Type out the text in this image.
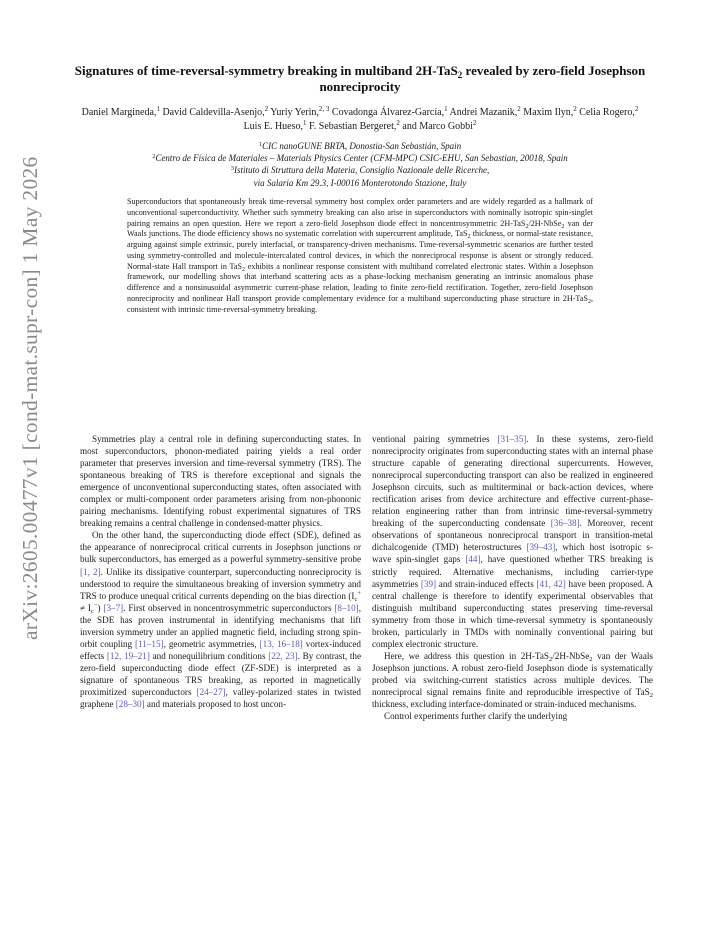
arXiv:2605.00477v1 [cond-mat.supr-con] 1 May 2026
Signatures of time-reversal-symmetry breaking in multiband 2H-TaS$_2$ revealed by zero-field Josephson nonreciprocity
Daniel Margineda,$^1$ David Caldevilla-Asenjo,$^2$ Yuriy Yerin,$^{2, 3}$ Covadonga Álvarez-García,$^1$ Andrei Mazanik,$^2$ Maxim Ilyn,$^2$ Celia Rogero,$^2$ Luis E. Hueso,$^1$ F. Sebastian Bergeret,$^2$ and Marco Gobbi$^2$
$^1$CIC nanoGUNE BRTA, Donostia-San Sebastián, Spain
$^2$Centro de Física de Materiales – Materials Physics Center (CFM-MPC) CSIC-EHU, San Sebastian, 20018, Spain
$^3$Istituto di Struttura della Materia, Consiglio Nazionale delle Ricerche,
via Salaria Km 29.3, I-00016 Monterotondo Stazione, Italy
Superconductors that spontaneously break time-reversal symmetry host complex order parameters and are widely regarded as a hallmark of unconventional superconductivity. Whether such symmetry breaking can also arise in superconductors with nominally isotropic spin-singlet pairing remains an open question. Here we report a zero-field Josephson diode effect in noncentrosymmetric 2H-TaS$_2$/2H-NbSe$_2$ van der Waals junctions. The diode efficiency shows no systematic correlation with supercurrent amplitude, TaS$_2$ thickness, or normal-state resistance, arguing against simple extrinsic, purely interfacial, or transparency-driven mechanisms. Time-reversal-symmetric scenarios are further tested using symmetry-controlled and molecule-intercalated control devices, in which the nonreciprocal response is absent or strongly reduced. Normal-state Hall transport in TaS$_2$ exhibits a nonlinear response consistent with multiband correlated electronic states. Within a Josephson framework, our modelling shows that interband scattering acts as a phase-locking mechanism generating an intrinsic anomalous phase difference and a nonsinusoidal asymmetric current-phase relation, leading to finite zero-field rectification. Together, zero-field Josephson nonreciprocity and nonlinear Hall transport provide complementary evidence for a multiband superconducting phase structure in 2H-TaS$_2$, consistent with intrinsic time-reversal-symmetry breaking.

Symmetries play a central role in defining superconducting states. In most superconductors, phonon-mediated pairing yields a real order parameter that preserves inversion and time-reversal symmetry (TRS). The spontaneous breaking of TRS is therefore exceptional and signals the emergence of unconventional superconducting states, often associated with complex or multi-component order parameters arising from non-phononic pairing mechanisms. Identifying robust experimental signatures of TRS breaking remains a central challenge in condensed-matter physics.

On the other hand, the superconducting diode effect (SDE), defined as the appearance of nonreciprocal critical currents in Josephson junctions or bulk superconductors, has emerged as a powerful symmetry-sensitive probe [1, 2]. Unlike its dissipative counterpart, superconducting nonreciprocity is understood to require the simultaneous breaking of inversion symmetry and TRS to produce unequal critical currents depending on the bias direction $(I_c^+ \ne I_c^-)$ [3–7]. First observed in noncentrosymmetric superconductors [8–10], the SDE has proven instrumental in identifying mechanisms that lift inversion symmetry under an applied magnetic field, including strong spin-orbit coupling [11–15], geometric asymmetries, [13, 16–18] vortex-induced effects [12, 19–21] and nonequilibrium conditions [22, 23]. By contrast, the zero-field superconducting diode effect (ZF-SDE) is interpreted as a signature of spontaneous TRS breaking, as reported in magnetically proximitized superconductors [24–27], valley-polarized states in twisted graphene [28–30] and materials proposed to host uncon-

ventional pairing symmetries [31–35]. In these systems, zero-field nonreciprocity originates from superconducting states with an internal phase structure capable of generating directional supercurrents. However, nonreciprocal superconducting transport can also be realized in engineered Josephson circuits, such as multiterminal or back-action devices, where rectification arises from device architecture and effective current-phase-relation engineering rather than from intrinsic time-reversal-symmetry breaking of the superconducting condensate [36–38]. Moreover, recent observations of spontaneous nonreciprocal transport in transition-metal dichalcogenide (TMD) heterostructures [39–43], which host isotropic s-wave spin-singlet gaps [44], have questioned whether TRS breaking is strictly required. Alternative mechanisms, including carrier-type asymmetries [39] and strain-induced effects [41, 42] have been proposed. A central challenge is therefore to identify experimental observables that distinguish multiband superconducting states preserving time-reversal symmetry from those in which time-reversal symmetry is spontaneously broken, particularly in TMDs with nominally conventional pairing but complex electronic structure.

Here, we address this question in 2H-TaS$_2$/2H-NbSe$_2$ van der Waals Josephson junctions. A robust zero-field Josephson diode is systematically probed via switching-current statistics across multiple devices. The nonreciprocal signal remains finite and reproducible irrespective of TaS$_2$ thickness, excluding interface-dominated or strain-induced mechanisms.

Control experiments further clarify the underlying
